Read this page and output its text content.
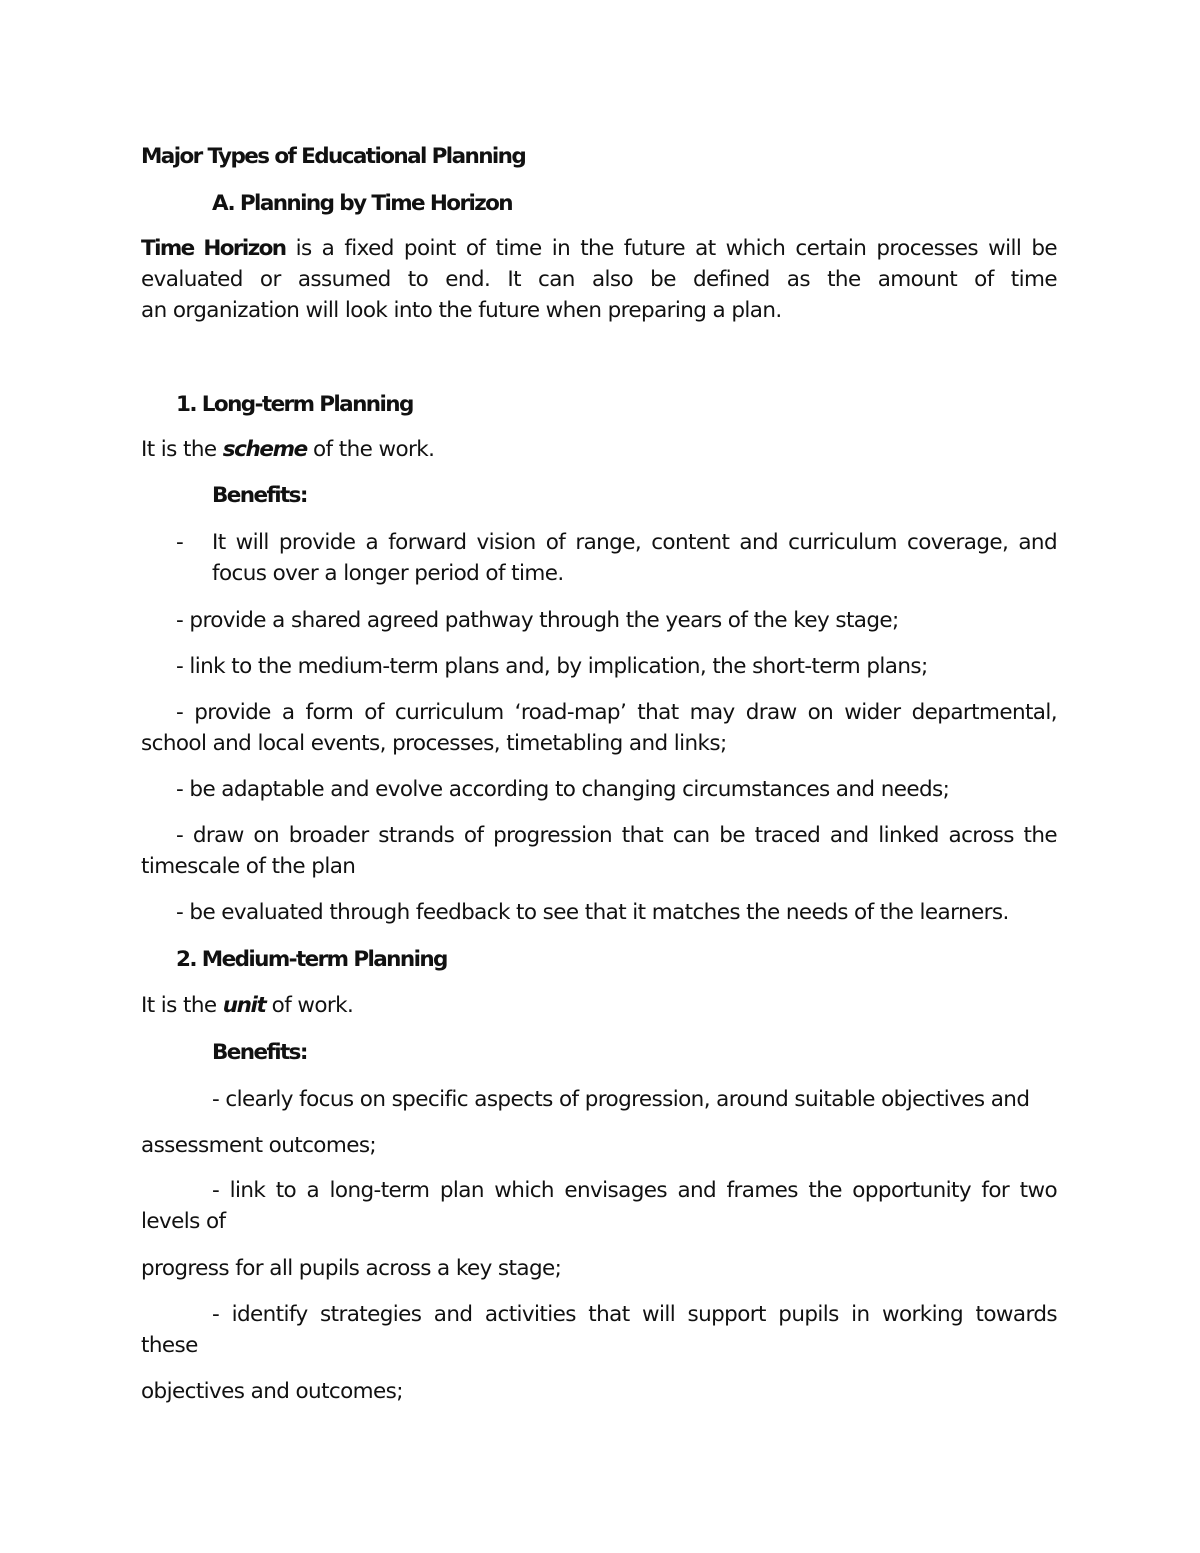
Major Types of Educational Planning

A. Planning by Time Horizon

Time Horizon is a fixed point of time in the future at which certain processes will be

evaluated or assumed to end. It can also be defined as the amount of time

an organization will look into the future when preparing a plan.

1. Long-term Planning

It is the scheme of the work.

Benefits:

-	It will provide a forward vision of range, content and curriculum coverage, and

focus over a longer period of time.

- provide a shared agreed pathway through the years of the key stage;

- link to the medium-term plans and, by implication, the short-term plans;

- provide a form of curriculum ‘road-map’ that may draw on wider departmental,

school and local events, processes, timetabling and links;

- be adaptable and evolve according to changing circumstances and needs;

- draw on broader strands of progression that can be traced and linked across the

timescale of the plan

- be evaluated through feedback to see that it matches the needs of the learners.

2. Medium-term Planning

It is the unit of work.

Benefits:

- clearly focus on specific aspects of progression, around suitable objectives and

assessment outcomes;

- link to a long-term plan which envisages and frames the opportunity for two

levels of

progress for all pupils across a key stage;

- identify strategies and activities that will support pupils in working towards

these

objectives and outcomes;
